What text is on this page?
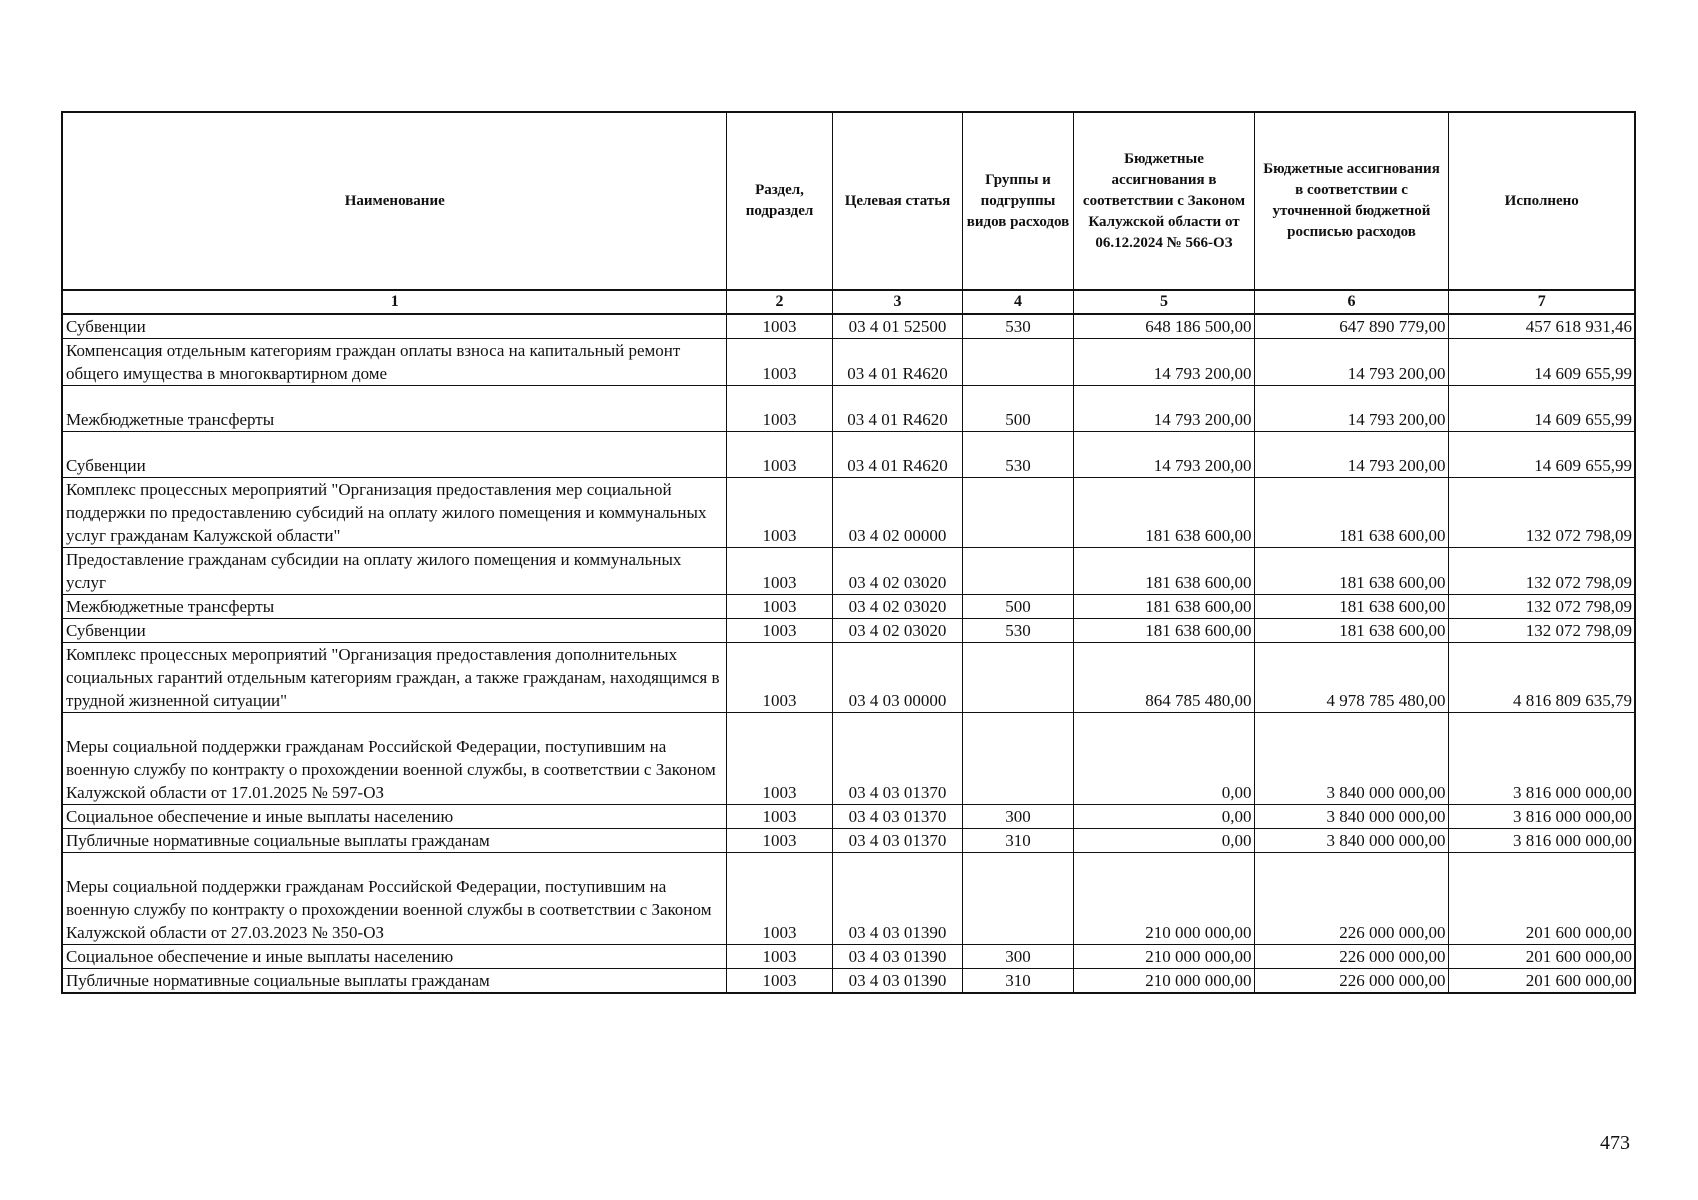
Наименование	Раздел, подраздел	Целевая статья	Группы и подгруппы видов расходов	Бюджетные ассигнования в соответствии с Законом Калужской области от 06.12.2024 № 566-ОЗ	Бюджетные ассигнования в соответствии с уточненной бюджетной росписью расходов	Исполнено
1	2	3	4	5	6	7
Субвенции	1003	03 4 01 52500	530	648 186 500,00	647 890 779,00	457 618 931,46
Компенсация отдельным категориям граждан оплаты взноса на капитальный ремонт общего имущества в многоквартирном доме	1003	03 4 01 R4620		14 793 200,00	14 793 200,00	14 609 655,99
Межбюджетные трансферты	1003	03 4 01 R4620	500	14 793 200,00	14 793 200,00	14 609 655,99
Субвенции	1003	03 4 01 R4620	530	14 793 200,00	14 793 200,00	14 609 655,99
Комплекс процессных мероприятий "Организация предоставления мер социальной поддержки по предоставлению субсидий на оплату жилого помещения и коммунальных услуг гражданам Калужской области"	1003	03 4 02 00000		181 638 600,00	181 638 600,00	132 072 798,09
Предоставление гражданам субсидии на оплату жилого помещения и коммунальных услуг	1003	03 4 02 03020		181 638 600,00	181 638 600,00	132 072 798,09
Межбюджетные трансферты	1003	03 4 02 03020	500	181 638 600,00	181 638 600,00	132 072 798,09
Субвенции	1003	03 4 02 03020	530	181 638 600,00	181 638 600,00	132 072 798,09
Комплекс процессных мероприятий "Организация предоставления дополнительных социальных гарантий отдельным категориям граждан, а также гражданам, находящимся в трудной жизненной ситуации"	1003	03 4 03 00000		864 785 480,00	4 978 785 480,00	4 816 809 635,79
Меры социальной поддержки гражданам Российской Федерации, поступившим на военную службу по контракту о прохождении военной службы, в соответствии с Законом Калужской области от 17.01.2025 № 597-ОЗ	1003	03 4 03 01370		0,00	3 840 000 000,00	3 816 000 000,00
Социальное обеспечение и иные выплаты населению	1003	03 4 03 01370	300	0,00	3 840 000 000,00	3 816 000 000,00
Публичные нормативные социальные выплаты гражданам	1003	03 4 03 01370	310	0,00	3 840 000 000,00	3 816 000 000,00
Меры социальной поддержки гражданам Российской Федерации, поступившим на военную службу по контракту о прохождении военной службы в соответствии с Законом Калужской области от 27.03.2023 № 350-ОЗ	1003	03 4 03 01390		210 000 000,00	226 000 000,00	201 600 000,00
Социальное обеспечение и иные выплаты населению	1003	03 4 03 01390	300	210 000 000,00	226 000 000,00	201 600 000,00
Публичные нормативные социальные выплаты гражданам	1003	03 4 03 01390	310	210 000 000,00	226 000 000,00	201 600 000,00
473
